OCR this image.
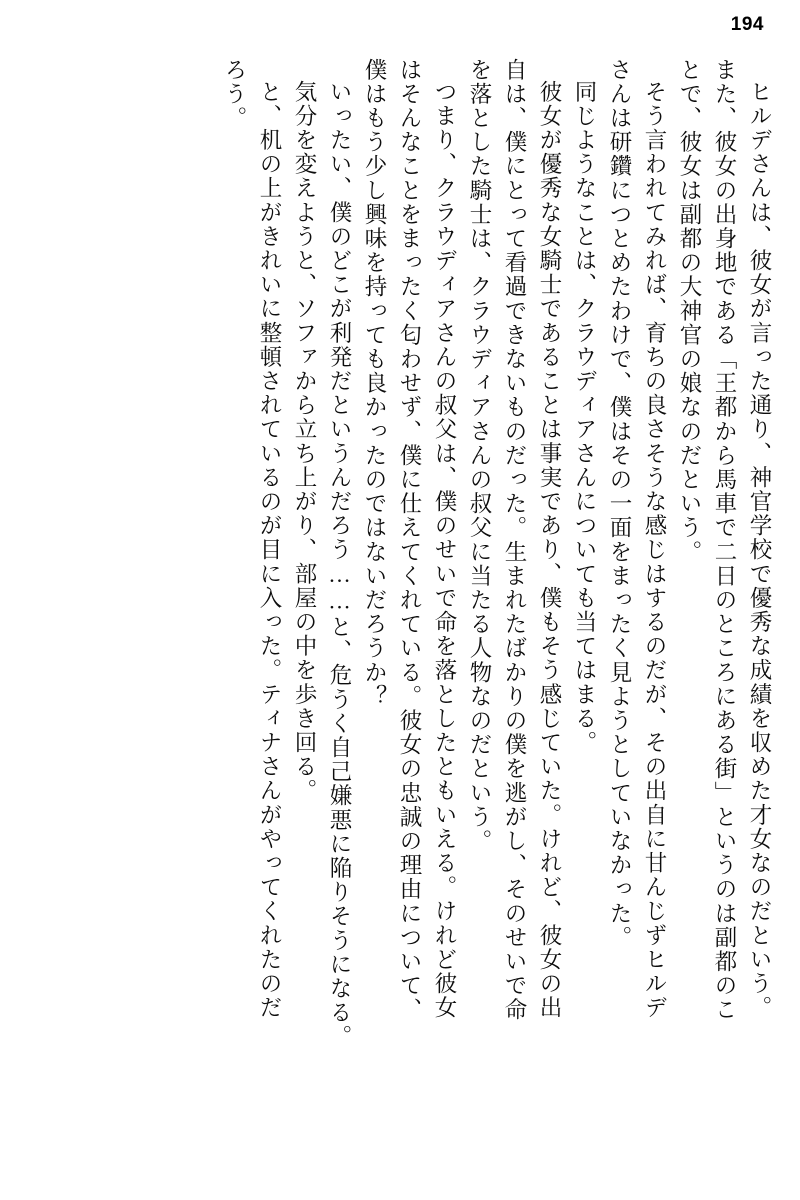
194
ヒルデさんは、彼女が言った通り、神官学校で優秀な成績を収めた才女なのだという。
また、彼女の出身地である「王都から馬車で二日のところにある街」というのは副都のこ
とで、彼女は副都の大神官の娘なのだという。
そう言われてみれば、育ちの良さそうな感じはするのだが、その出自に甘んじずヒルデ
さんは研鑽につとめたわけで、僕はその一面をまったく見ようとしていなかった。
同じようなことは、クラウディアさんについても当てはまる。
彼女が優秀な女騎士であることは事実であり、僕もそう感じていた。けれど、彼女の出
自は、僕にとって看過できないものだった。生まれたばかりの僕を逃がし、そのせいで命
を落とした騎士は、クラウディアさんの叔父に当たる人物なのだという。
つまり、クラウディアさんの叔父は、僕のせいで命を落としたともいえる。けれど彼女
はそんなことをまったく匂わせず、僕に仕えてくれている。彼女の忠誠の理由について、
僕はもう少し興味を持っても良かったのではないだろうか？
いったい、僕のどこが利発だというんだろう……と、危うく自己嫌悪に陥りそうになる。
気分を変えようと、ソファから立ち上がり、部屋の中を歩き回る。
と、机の上がきれいに整頓されているのが目に入った。ティナさんがやってくれたのだ
ろう。
